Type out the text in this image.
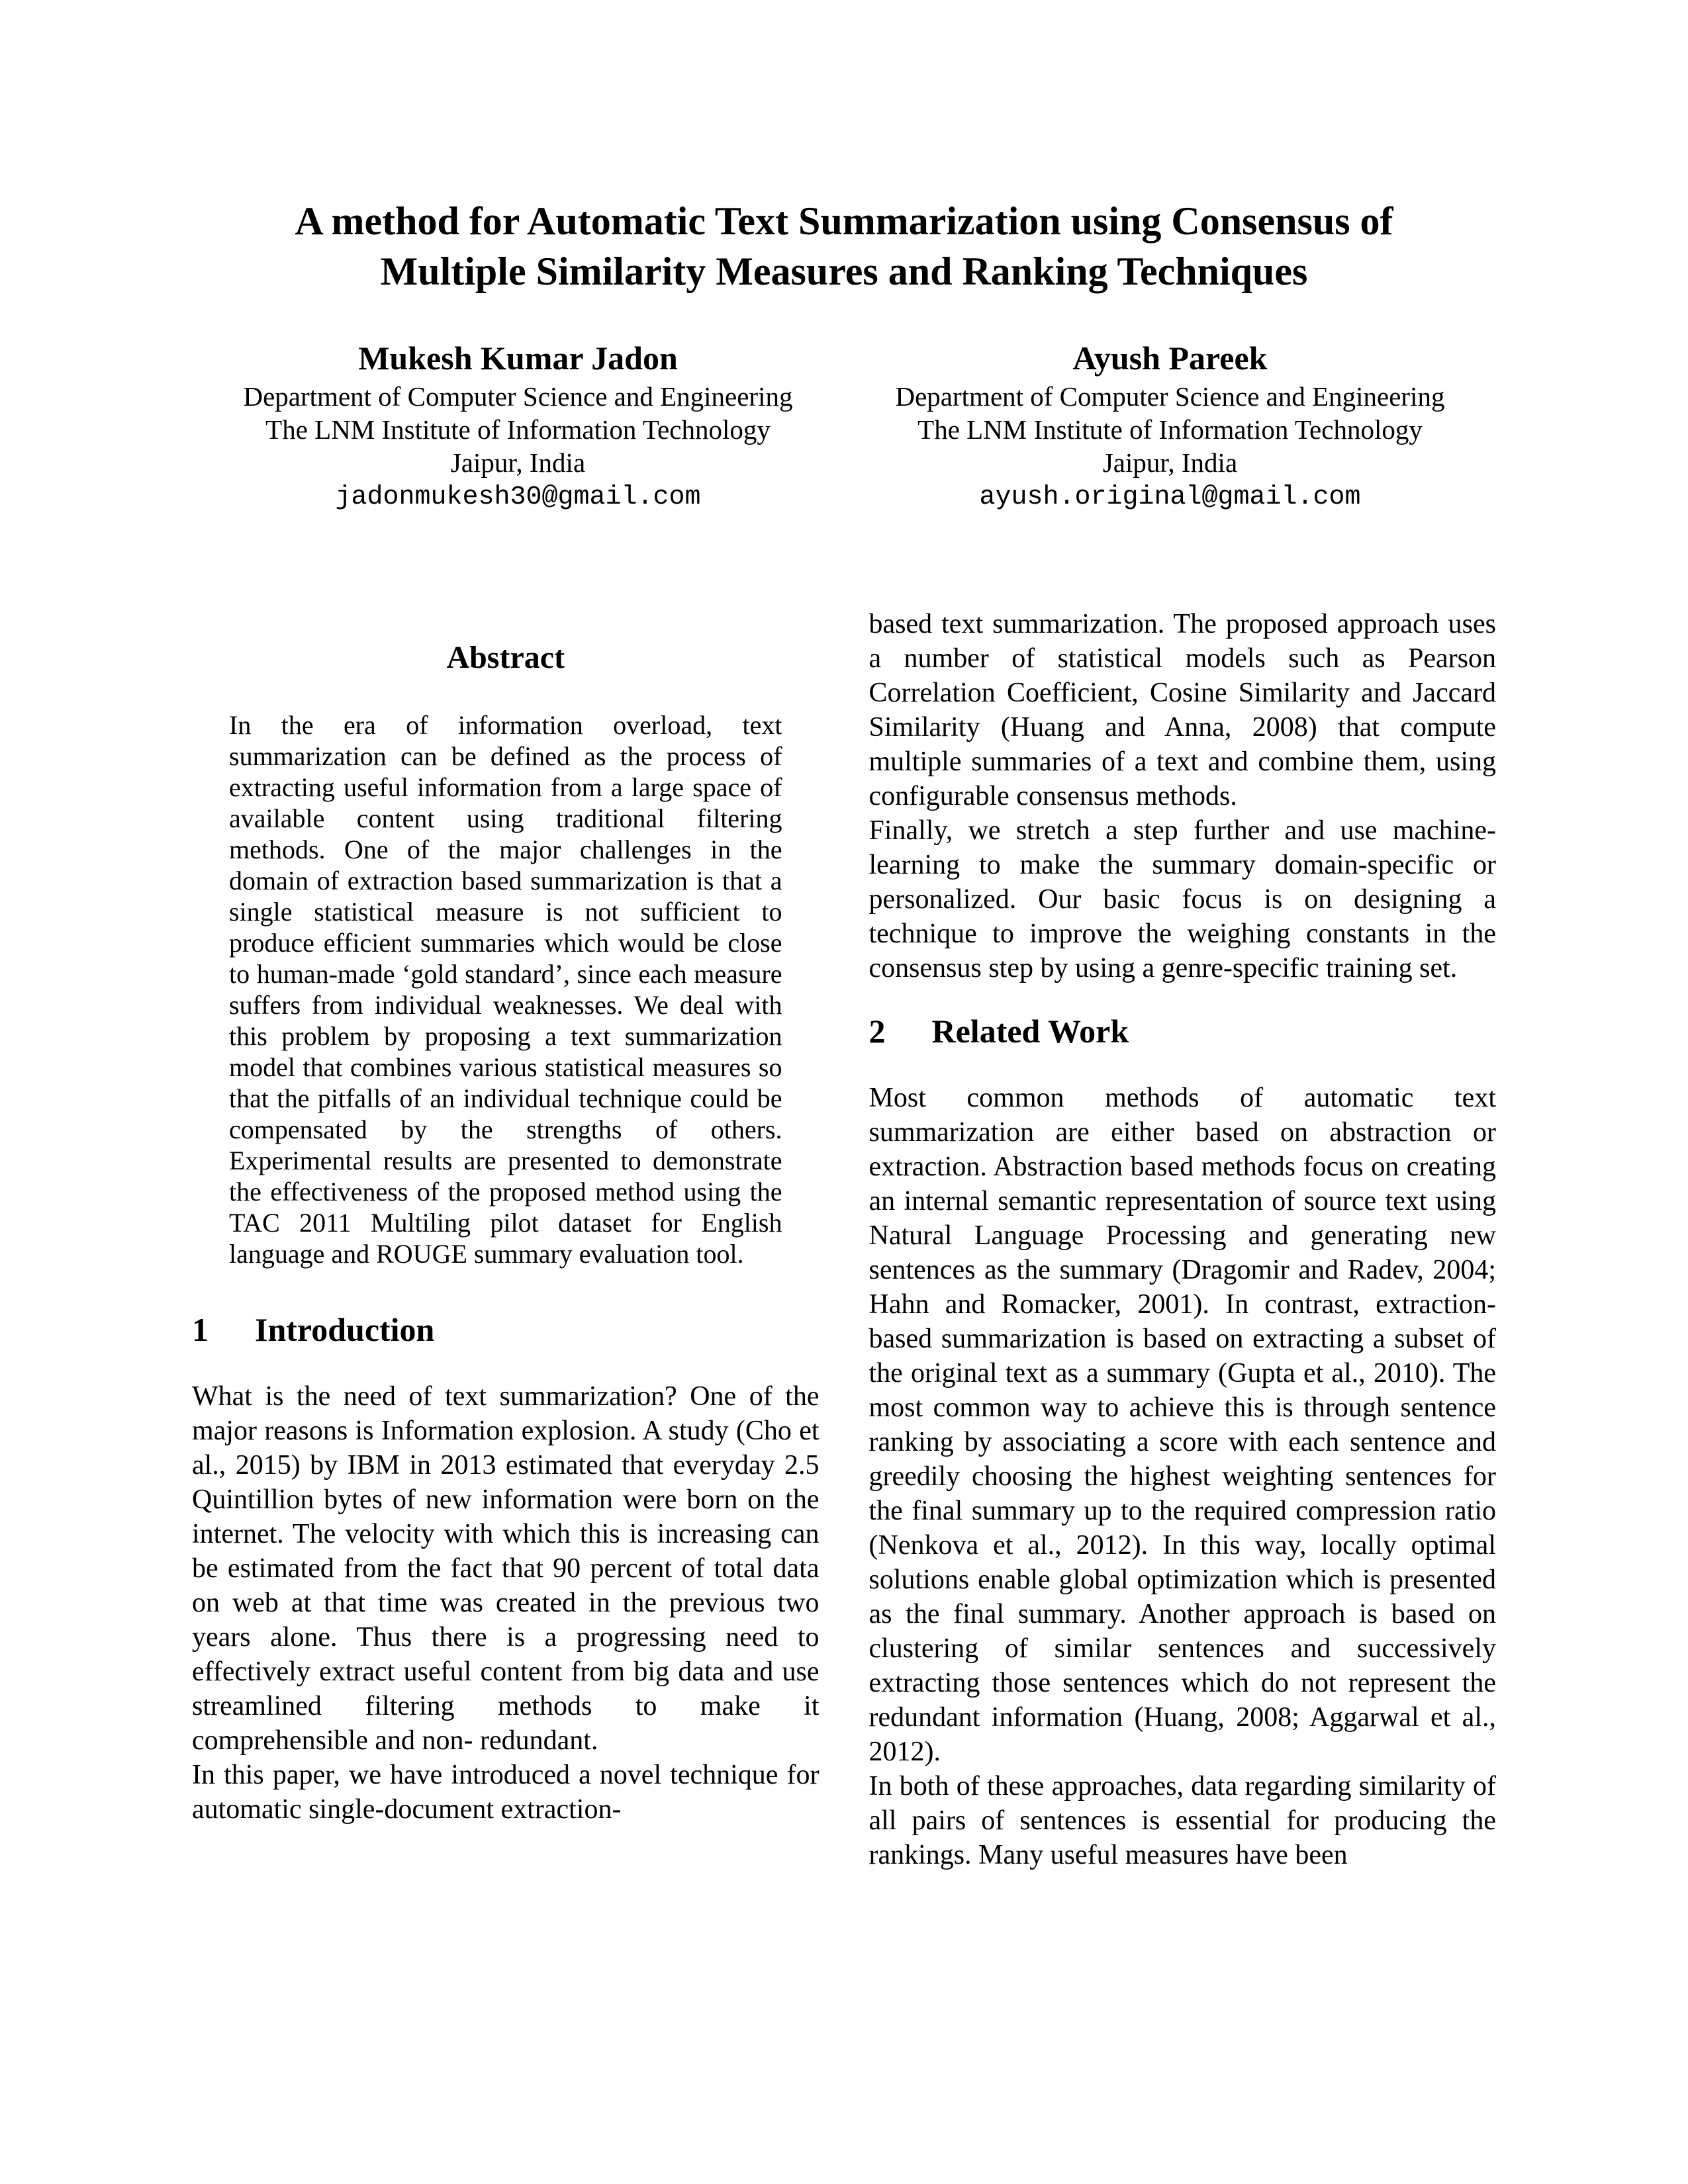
A method for Automatic Text Summarization using Consensus of Multiple Similarity Measures and Ranking Techniques
Mukesh Kumar Jadon
Department of Computer Science and Engineering
The LNM Institute of Information Technology
Jaipur, India
jadonmukesh30@gmail.com
Ayush Pareek
Department of Computer Science and Engineering
The LNM Institute of Information Technology
Jaipur, India
ayush.original@gmail.com
Abstract

In the era of information overload, text summarization can be defined as the process of extracting useful information from a large space of available content using traditional filtering methods. One of the major challenges in the domain of extraction based summarization is that a single statistical measure is not sufficient to produce efficient summaries which would be close to human-made ‘gold standard’, since each measure suffers from individual weaknesses. We deal with this problem by proposing a text summarization model that combines various statistical measures so that the pitfalls of an individual technique could be compensated by the strengths of others. Experimental results are presented to demonstrate the effectiveness of the proposed method using the TAC 2011 Multiling pilot dataset for English language and ROUGE summary evaluation tool.

1	Introduction

What is the need of text summarization? One of the major reasons is Information explosion. A study (Cho et al., 2015) by IBM in 2013 estimated that everyday 2.5 Quintillion bytes of new information were born on the internet. The velocity with which this is increasing can be estimated from the fact that 90 percent of total data on web at that time was created in the previous two years alone. Thus there is a progressing need to effectively extract useful content from big data and use streamlined filtering methods to make it comprehensible and non- redundant.

In this paper, we have introduced a novel technique for automatic single-document extraction-

based text summarization. The proposed approach uses a number of statistical models such as Pearson Correlation Coefficient, Cosine Similarity and Jaccard Similarity (Huang and Anna, 2008) that compute multiple summaries of a text and combine them, using configurable consensus methods.

Finally, we stretch a step further and use machine-learning to make the summary domain-specific or personalized. Our basic focus is on designing a technique to improve the weighing constants in the consensus step by using a genre-specific training set.

2	Related Work

Most common methods of automatic text summarization are either based on abstraction or extraction. Abstraction based methods focus on creating an internal semantic representation of source text using Natural Language Processing and generating new sentences as the summary (Dragomir and Radev, 2004; Hahn and Romacker, 2001). In contrast, extraction-based summarization is based on extracting a subset of the original text as a summary (Gupta et al., 2010). The most common way to achieve this is through sentence ranking by associating a score with each sentence and greedily choosing the highest weighting sentences for the final summary up to the required compression ratio (Nenkova et al., 2012). In this way, locally optimal solutions enable global optimization which is presented as the final summary. Another approach is based on clustering of similar sentences and successively extracting those sentences which do not represent the redundant information (Huang, 2008; Aggarwal et al., 2012).

In both of these approaches, data regarding similarity of all pairs of sentences is essential for producing the rankings. Many useful measures have been
